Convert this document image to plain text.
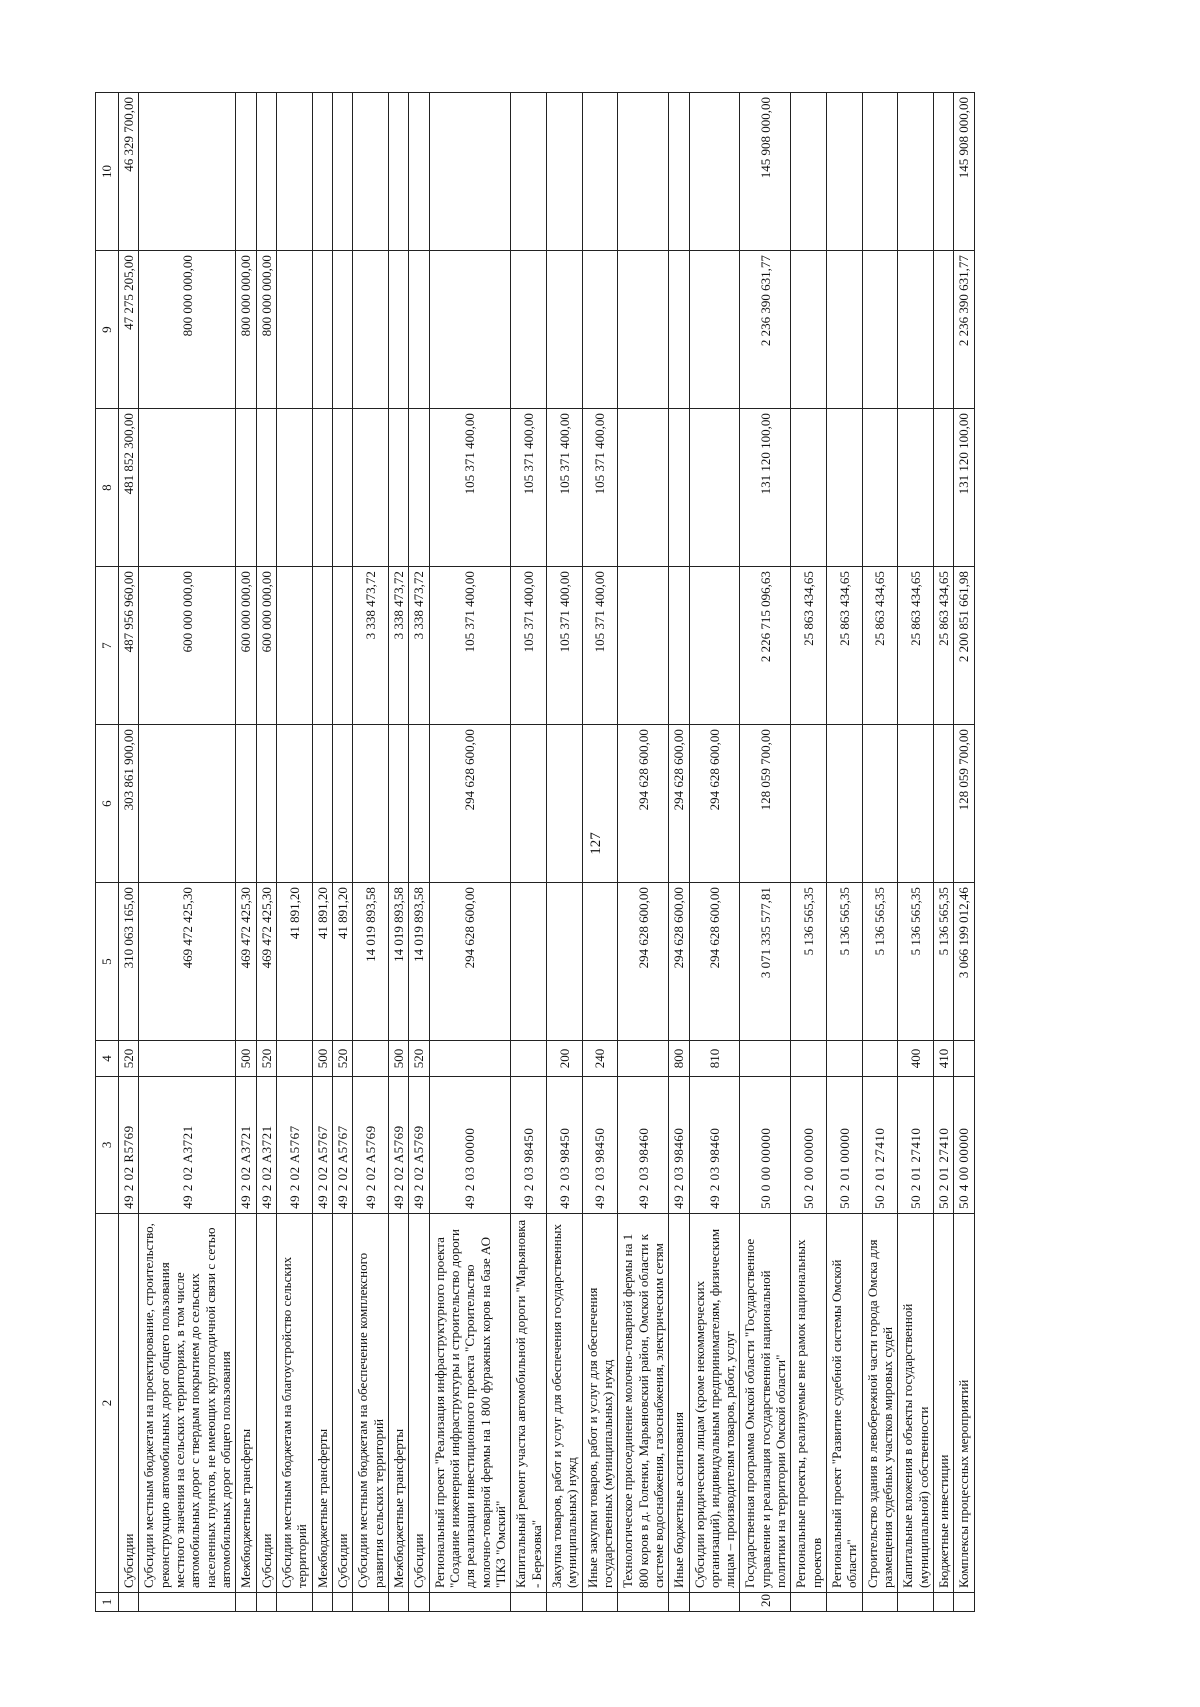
127
1	2	3	4	5	6	7	8	9	10
	Субсидии	49 2 02 R5769	520	310 063 165,00	303 861 900,00	487 956 960,00	481 852 300,00	47 275 205,00	46 329 700,00
	Субсидии местным бюджетам на проектирование, строительство, реконструкцию автомобильных дорог общего пользования местного значения на сельских территориях, в том числе автомобильных дорог с твердым покрытием до сельских населенных пунктов, не имеющих круглогодичной связи с сетью автомобильных дорог общего пользования	49 2 02 A3721		469 472 425,30		600 000 000,00		800 000 000,00	
	Межбюджетные трансферты	49 2 02 A3721	500	469 472 425,30		600 000 000,00		800 000 000,00	
	Субсидии	49 2 02 A3721	520	469 472 425,30		600 000 000,00		800 000 000,00	
	Субсидии местным бюджетам на благоустройство сельских территорий	49 2 02 A5767		41 891,20					
	Межбюджетные трансферты	49 2 02 A5767	500	41 891,20					
	Субсидии	49 2 02 A5767	520	41 891,20					
	Субсидии местным бюджетам на обеспечение комплексного развития сельских территорий	49 2 02 A5769		14 019 893,58		3 338 473,72			
	Межбюджетные трансферты	49 2 02 A5769	500	14 019 893,58		3 338 473,72			
	Субсидии	49 2 02 A5769	520	14 019 893,58		3 338 473,72			
	Региональный проект "Реализация инфраструктурного проекта "Создание инженерной инфраструктуры и строительство дороги для реализации инвестиционного проекта "Строительство молочно-товарной фермы на 1 800 фуражных коров на базе АО "ПКЗ "Омский"	49 2 03 00000		294 628 600,00	294 628 600,00	105 371 400,00	105 371 400,00		
	Капитальный ремонт участка автомобильной дороги "Марьяновка - Березовка"	49 2 03 98450				105 371 400,00	105 371 400,00		
	Закупка товаров, работ и услуг для обеспечения государственных (муниципальных) нужд	49 2 03 98450	200			105 371 400,00	105 371 400,00		
	Иные закупки товаров, работ и услуг для обеспечения государственных (муниципальных) нужд	49 2 03 98450	240			105 371 400,00	105 371 400,00		
	Технологическое присоединение молочно-товарной фермы на 1 800 коров в д. Голенки, Марьяновский район, Омской области к системе водоснабжения, газоснабжения, электрическим сетям	49 2 03 98460		294 628 600,00	294 628 600,00				
	Иные бюджетные ассигнования	49 2 03 98460	800	294 628 600,00	294 628 600,00				
	Субсидии юридическим лицам (кроме некоммерческих организаций), индивидуальным предпринимателям, физическим лицам – производителям товаров, работ, услуг	49 2 03 98460	810	294 628 600,00	294 628 600,00				
20	Государственная программа Омской области "Государственное управление и реализация государственной национальной политики на территории Омской области"	50 0 00 00000		3 071 335 577,81	128 059 700,00	2 226 715 096,63	131 120 100,00	2 236 390 631,77	145 908 000,00
	Региональные проекты, реализуемые вне рамок национальных проектов	50 2 00 00000		5 136 565,35		25 863 434,65			
	Региональный проект "Развитие судебной системы Омской области"	50 2 01 00000		5 136 565,35		25 863 434,65			
	Строительство здания в левобережной части города Омска для размещения судебных участков мировых судей	50 2 01 27410		5 136 565,35		25 863 434,65			
	Капитальные вложения в объекты государственной (муниципальной) собственности	50 2 01 27410	400	5 136 565,35		25 863 434,65			
	Бюджетные инвестиции	50 2 01 27410	410	5 136 565,35		25 863 434,65			
	Комплексы процессных мероприятий	50 4 00 00000		3 066 199 012,46	128 059 700,00	2 200 851 661,98	131 120 100,00	2 236 390 631,77	145 908 000,00
